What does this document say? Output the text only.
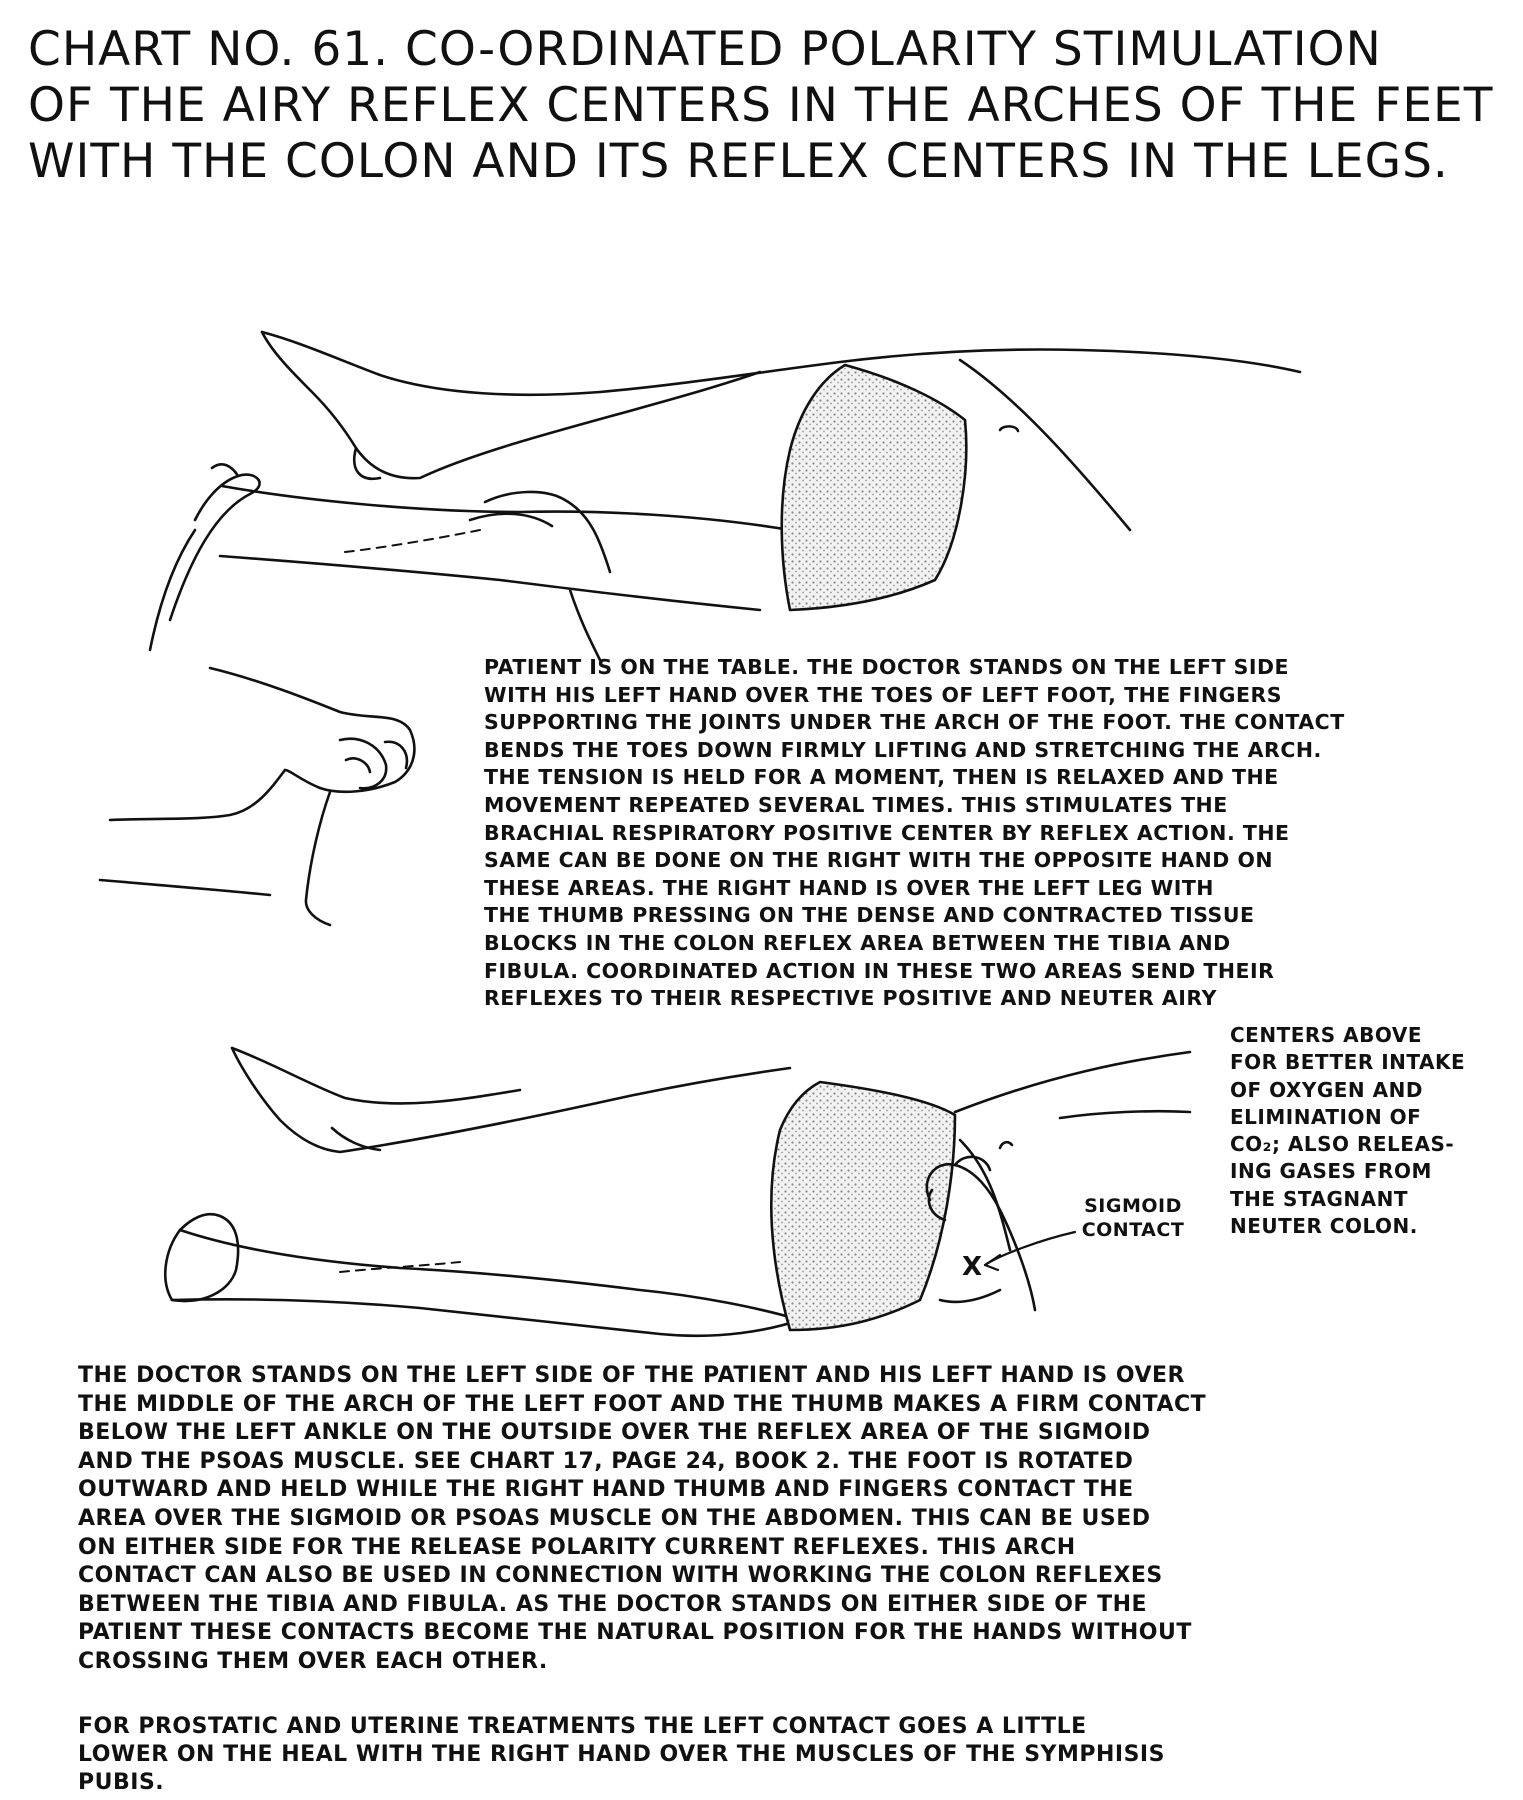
CHART NO. 61. CO-ORDINATED POLARITY STIMULATION
OF THE AIRY REFLEX CENTERS IN THE ARCHES OF THE FEET
WITH THE COLON AND ITS REFLEX CENTERS IN THE LEGS.
X
PATIENT IS ON THE TABLE. THE DOCTOR STANDS ON THE LEFT SIDE
WITH HIS LEFT HAND OVER THE TOES OF LEFT FOOT, THE FINGERS
SUPPORTING THE JOINTS UNDER THE ARCH OF THE FOOT. THE CONTACT
BENDS THE TOES DOWN FIRMLY LIFTING AND STRETCHING THE ARCH.
THE TENSION IS HELD FOR A MOMENT, THEN IS RELAXED AND THE
MOVEMENT REPEATED SEVERAL TIMES. THIS STIMULATES THE
BRACHIAL RESPIRATORY POSITIVE CENTER BY REFLEX ACTION. THE
SAME CAN BE DONE ON THE RIGHT WITH THE OPPOSITE HAND ON
THESE AREAS. THE RIGHT HAND IS OVER THE LEFT LEG WITH
THE THUMB PRESSING ON THE DENSE AND CONTRACTED TISSUE
BLOCKS IN THE COLON REFLEX AREA BETWEEN THE TIBIA AND
FIBULA. COORDINATED ACTION IN THESE TWO AREAS SEND THEIR
REFLEXES TO THEIR RESPECTIVE POSITIVE AND NEUTER AIRY
CENTERS ABOVE
FOR BETTER INTAKE
OF OXYGEN AND
ELIMINATION OF
CO₂; ALSO RELEAS-
ING GASES FROM
THE STAGNANT
NEUTER COLON.
SIGMOID
CONTACT
THE DOCTOR STANDS ON THE LEFT SIDE OF THE PATIENT AND HIS LEFT HAND IS OVER
THE MIDDLE OF THE ARCH OF THE LEFT FOOT AND THE THUMB MAKES A FIRM CONTACT
BELOW THE LEFT ANKLE ON THE OUTSIDE OVER THE REFLEX AREA OF THE SIGMOID
AND THE PSOAS MUSCLE. SEE CHART 17, PAGE 24, BOOK 2. THE FOOT IS ROTATED
OUTWARD AND HELD WHILE THE RIGHT HAND THUMB AND FINGERS CONTACT THE
AREA OVER THE SIGMOID OR PSOAS MUSCLE ON THE ABDOMEN. THIS CAN BE USED
ON EITHER SIDE FOR THE RELEASE POLARITY CURRENT REFLEXES. THIS ARCH
CONTACT CAN ALSO BE USED IN CONNECTION WITH WORKING THE COLON REFLEXES
BETWEEN THE TIBIA AND FIBULA. AS THE DOCTOR STANDS ON EITHER SIDE OF THE
PATIENT THESE CONTACTS BECOME THE NATURAL POSITION FOR THE HANDS WITHOUT
CROSSING THEM OVER EACH OTHER.
FOR PROSTATIC AND UTERINE TREATMENTS THE LEFT CONTACT GOES A LITTLE
LOWER ON THE HEAL WITH THE RIGHT HAND OVER THE MUSCLES OF THE SYMPHISIS
PUBIS.
